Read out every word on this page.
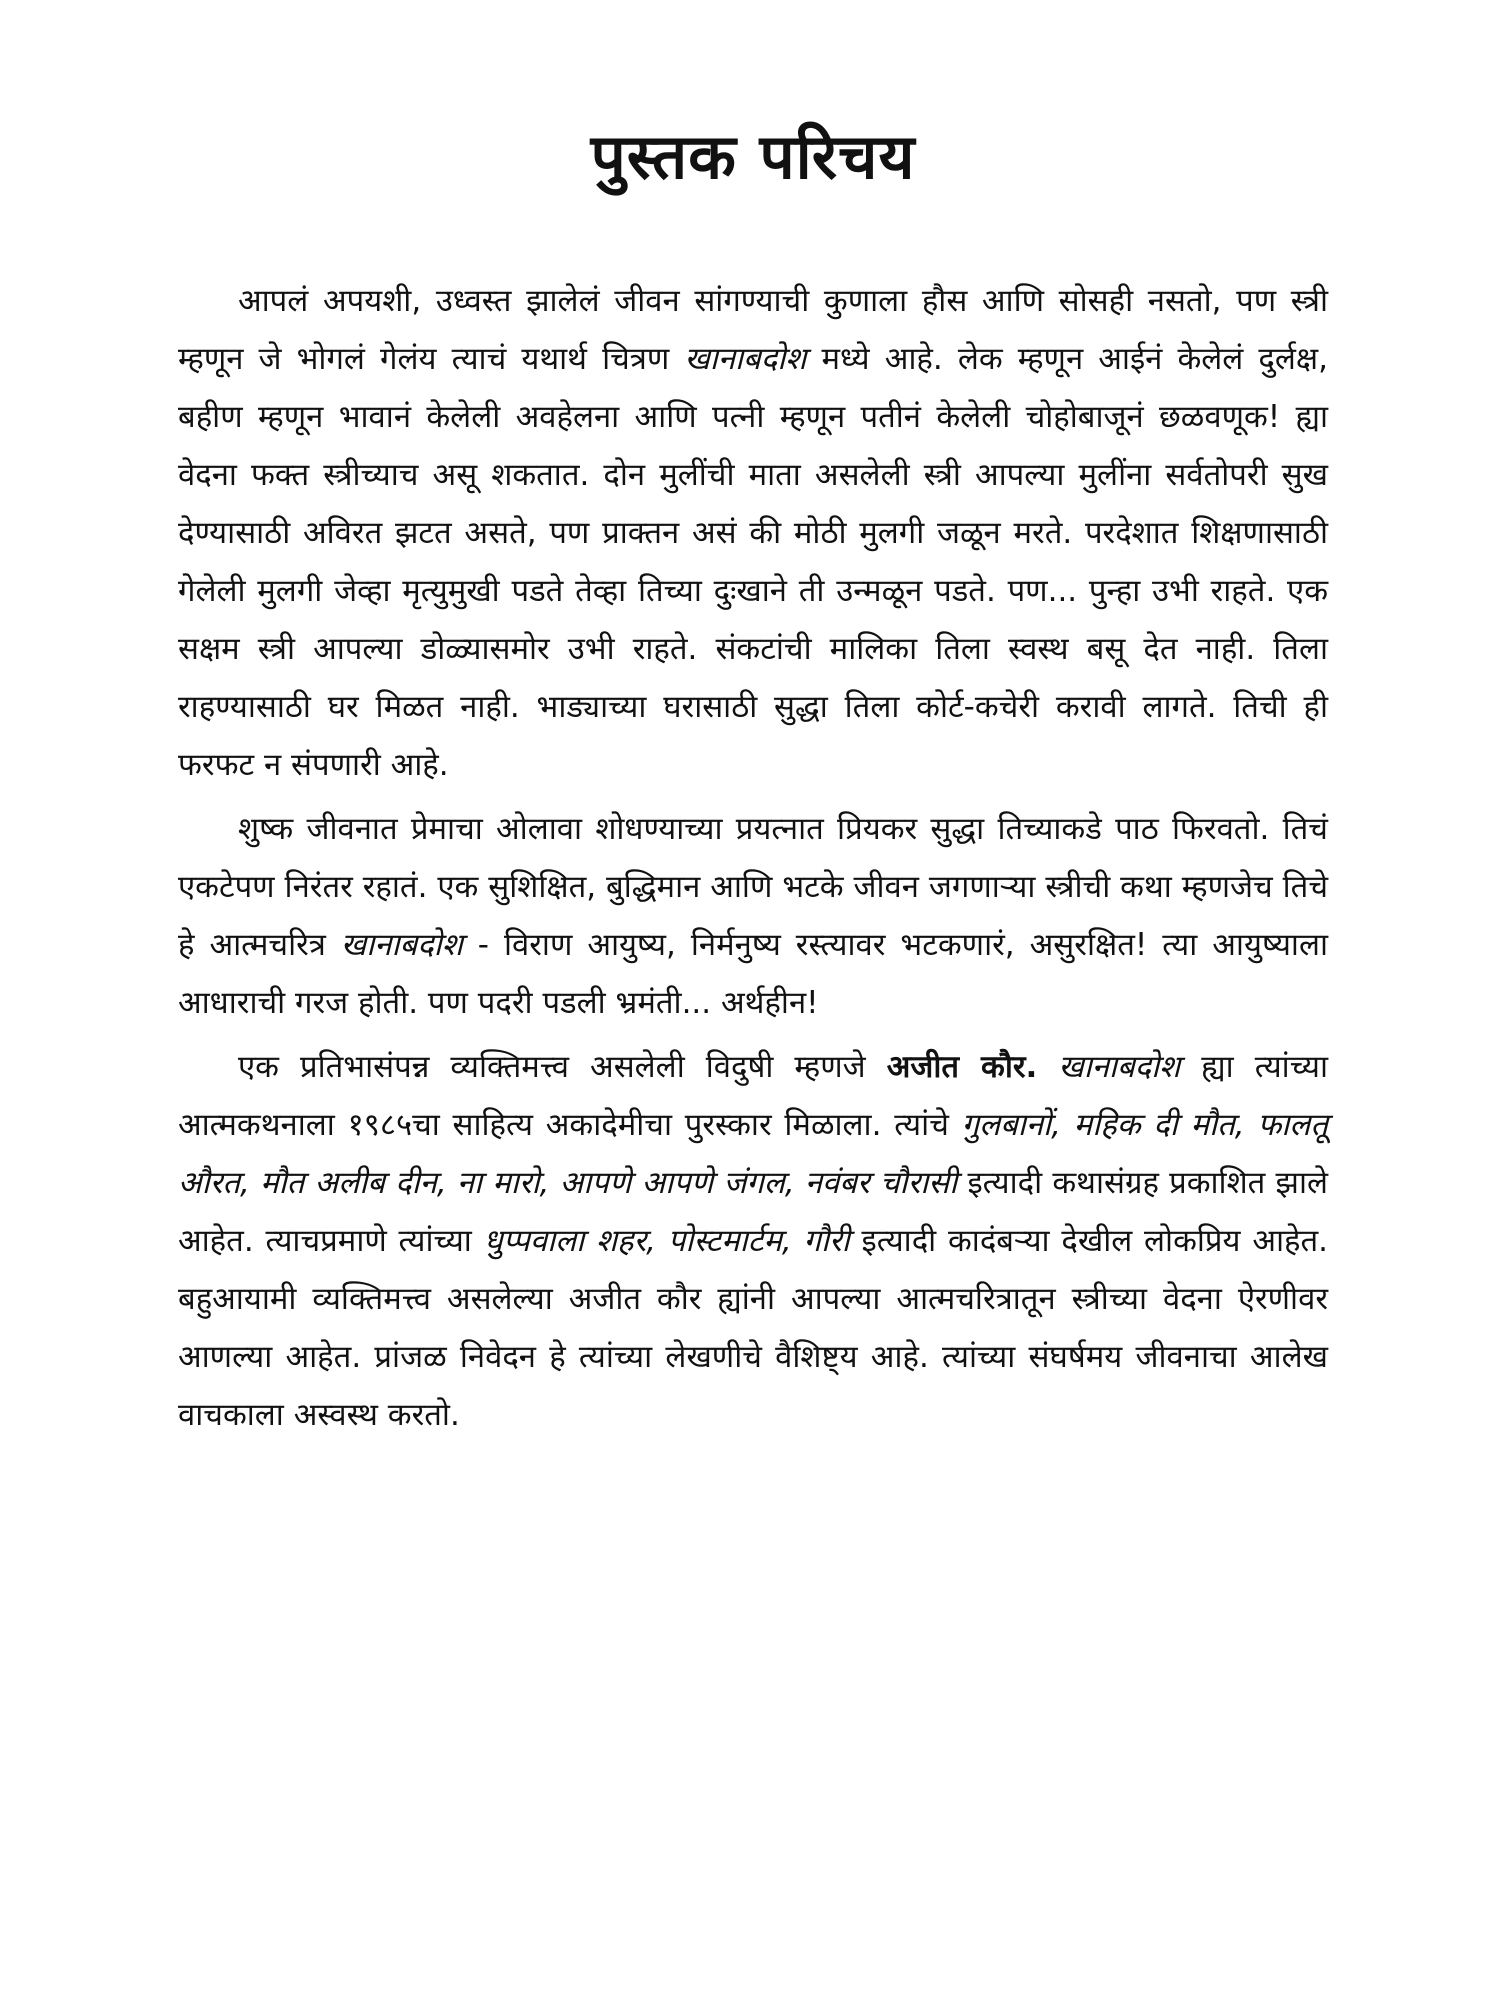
पुस्तक परिचय

आपलं अपयशी, उध्वस्त झालेलं जीवन सांगण्याची कुणाला हौस आणि सोसही नसतो, पण स्त्री म्हणून जे भोगलं गेलंय त्याचं यथार्थ चित्रण खानाबदोश मध्ये आहे. लेक म्हणून आईनं केलेलं दुर्लक्ष, बहीण म्हणून भावानं केलेली अवहेलना आणि पत्नी म्हणून पतीनं केलेली चोहोबाजूनं छळवणूक! ह्या वेदना फक्त स्त्रीच्याच असू शकतात. दोन मुलींची माता असलेली स्त्री आपल्या मुलींना सर्वतोपरी सुख देण्यासाठी अविरत झटत असते, पण प्राक्तन असं की मोठी मुलगी जळून मरते. परदेशात शिक्षणासाठी गेलेली मुलगी जेव्हा मृत्युमुखी पडते तेव्हा तिच्या दुःखाने ती उन्मळून पडते. पण... पुन्हा उभी राहते. एक सक्षम स्त्री आपल्या डोळ्यासमोर उभी राहते. संकटांची मालिका तिला स्वस्थ बसू देत नाही. तिला राहण्यासाठी घर मिळत नाही. भाड्याच्या घरासाठी सुद्धा तिला कोर्ट-कचेरी करावी लागते. तिची ही फरफट न संपणारी आहे.

शुष्क जीवनात प्रेमाचा ओलावा शोधण्याच्या प्रयत्नात प्रियकर सुद्धा तिच्याकडे पाठ फिरवतो. तिचं एकटेपण निरंतर रहातं. एक सुशिक्षित, बुद्धिमान आणि भटके जीवन जगणाऱ्या स्त्रीची कथा म्हणजेच तिचे हे आत्मचरित्र खानाबदोश - विराण आयुष्य, निर्मनुष्य रस्त्यावर भटकणारं, असुरक्षित! त्या आयुष्याला आधाराची गरज होती. पण पदरी पडली भ्रमंती... अर्थहीन!

एक प्रतिभासंपन्न व्यक्तिमत्त्व असलेली विदुषी म्हणजे अजीत कौर. खानाबदोश ह्या त्यांच्या आत्मकथनाला १९८५चा साहित्य अकादेमीचा पुरस्कार मिळाला. त्यांचे गुलबानों, महिक दी मौत, फालतू औरत, मौत अलीब दीन, ना मारो, आपणे आपणे जंगल, नवंबर चौरासी इत्यादी कथासंग्रह प्रकाशित झाले आहेत. त्याचप्रमाणे त्यांच्या धुप्पवाला शहर, पोस्टमार्टम, गौरी इत्यादी कादंबऱ्या देखील लोकप्रिय आहेत. बहुआयामी व्यक्तिमत्त्व असलेल्या अजीत कौर ह्यांनी आपल्या आत्मचरित्रातून स्त्रीच्या वेदना ऐरणीवर आणल्या आहेत. प्रांजळ निवेदन हे त्यांच्या लेखणीचे वैशिष्ट्य आहे. त्यांच्या संघर्षमय जीवनाचा आलेख वाचकाला अस्वस्थ करतो.
